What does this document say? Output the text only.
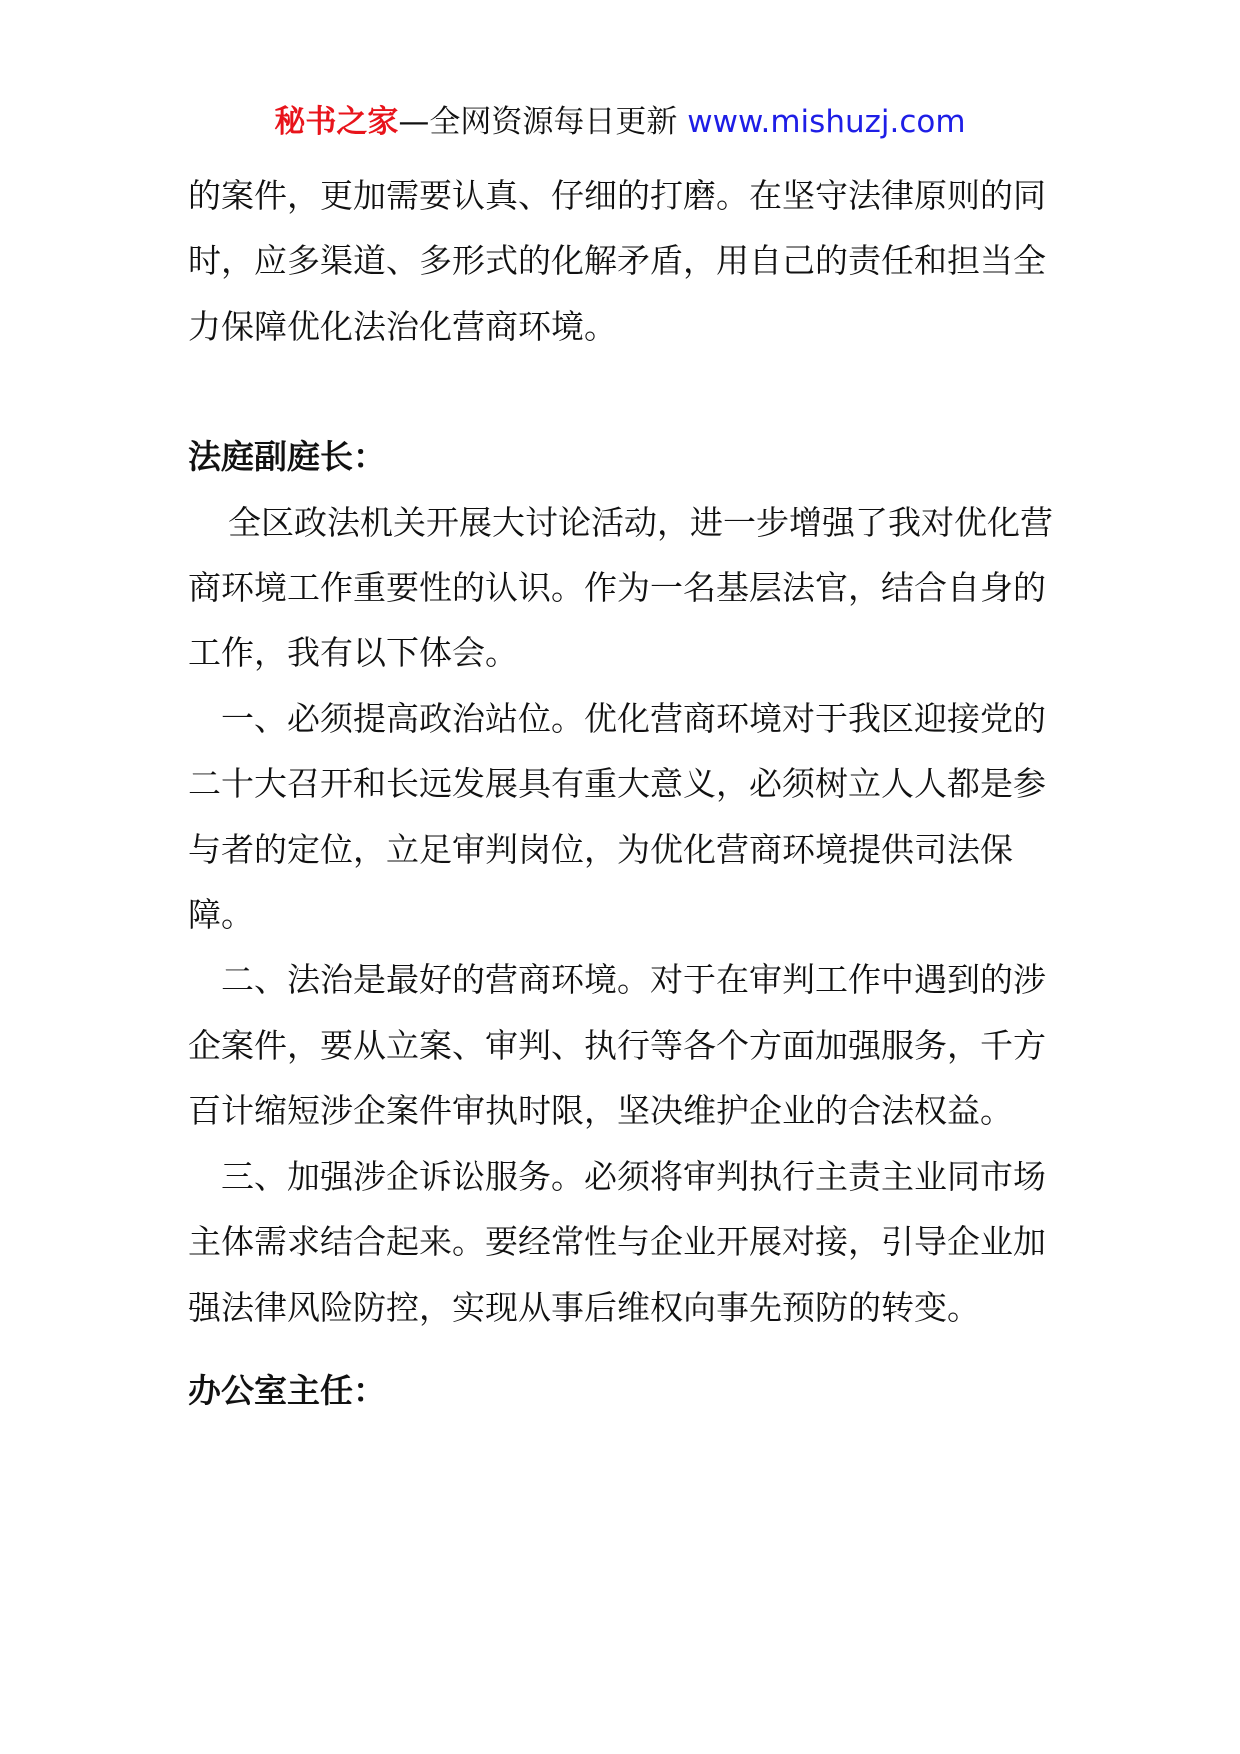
秘书之家—全网资源每日更新 www.mishuzj.com

的案件，更加需要认真、仔细的打磨。在坚守法律原则的同时，应多渠道、多形式的化解矛盾，用自己的责任和担当全力保障优化法治化营商环境。

法庭副庭长：

全区政法机关开展大讨论活动，进一步增强了我对优化营商环境工作重要性的认识。作为一名基层法官，结合自身的工作，我有以下体会。

一、必须提高政治站位。优化营商环境对于我区迎接党的二十大召开和长远发展具有重大意义，必须树立人人都是参与者的定位，立足审判岗位，为优化营商环境提供司法保障。

二、法治是最好的营商环境。对于在审判工作中遇到的涉企案件，要从立案、审判、执行等各个方面加强服务，千方百计缩短涉企案件审执时限，坚决维护企业的合法权益。

三、加强涉企诉讼服务。必须将审判执行主责主业同市场主体需求结合起来。要经常性与企业开展对接，引导企业加强法律风险防控，实现从事后维权向事先预防的转变。

办公室主任：
